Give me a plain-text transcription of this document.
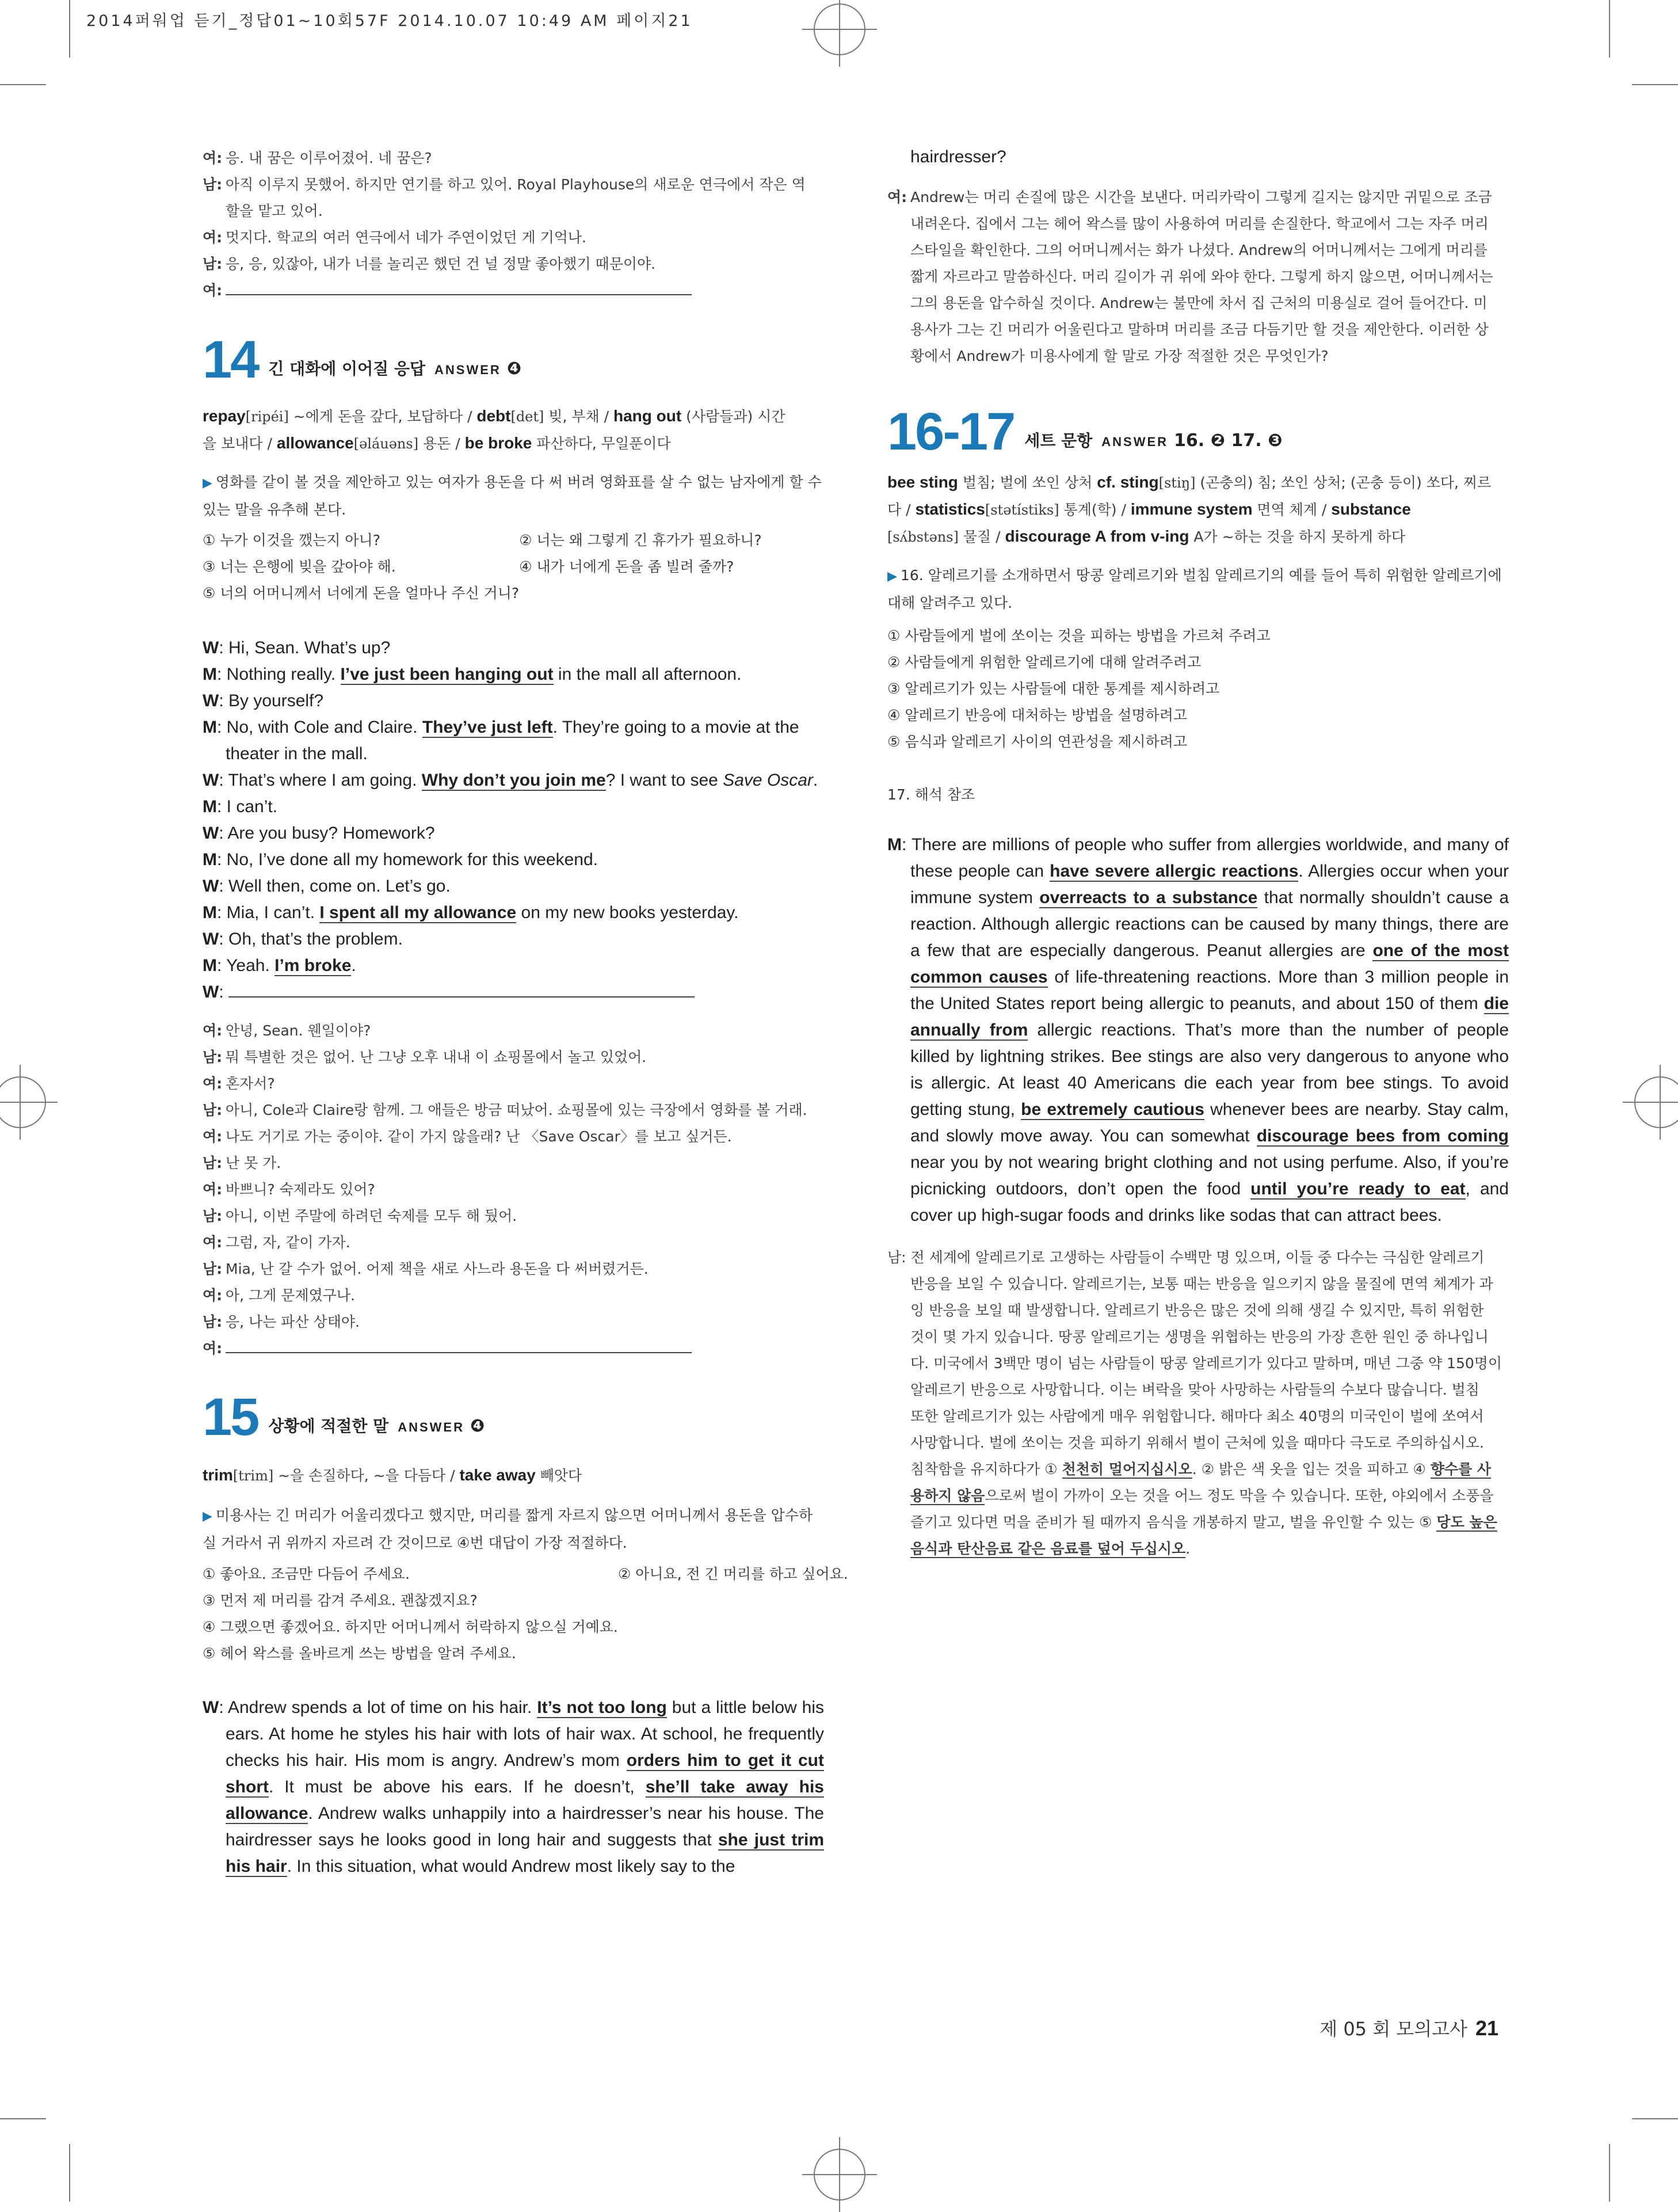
2014퍼워업 듣기_정답01~10회57F 2014.10.07 10:49 AM 페이지21
여: 응. 내 꿈은 이루어졌어. 네 꿈은?
남: 아직 이루지 못했어. 하지만 연기를 하고 있어. Royal Playhouse의 새로운 연극에서 작은 역
할을 맡고 있어.
여: 멋지다. 학교의 여러 연극에서 네가 주연이었던 게 기억나.
남: 응, 응, 있잖아, 내가 너를 놀리곤 했던 건 널 정말 좋아했기 때문이야.
여:
14 긴 대화에 이어질 응답 ANSWER ❹
repay[ripéi] ~에게 돈을 갚다, 보답하다 / debt[det] 빚, 부채 / hang out (사람들과) 시간
을 보내다 / allowance[əláuəns] 용돈 / be broke 파산하다, 무일푼이다
▶ 영화를 같이 볼 것을 제안하고 있는 여자가 용돈을 다 써 버려 영화표를 살 수 없는 남자에게 할 수
있는 말을 유추해 본다.
① 누가 이것을 깼는지 아니?	② 너는 왜 그렇게 긴 휴가가 필요하니?
③ 너는 은행에 빚을 갚아야 해.	④ 내가 너에게 돈을 좀 빌려 줄까?
⑤ 너의 어머니께서 너에게 돈을 얼마나 주신 거니?	
W: Hi, Sean. What’s up?
M: Nothing really. I’ve just been hanging out in the mall all afternoon.
W: By yourself?
M: No, with Cole and Claire. They’ve just left. They’re going to a movie at the
theater in the mall.
W: That’s where I am going. Why don’t you join me? I want to see Save Oscar.
M: I can’t.
W: Are you busy? Homework?
M: No, I’ve done all my homework for this weekend.
W: Well then, come on. Let’s go.
M: Mia, I can’t. I spent all my allowance on my new books yesterday.
W: Oh, that’s the problem.
M: Yeah. I’m broke.
W:
여: 안녕, Sean. 웬일이야?
남: 뭐 특별한 것은 없어. 난 그냥 오후 내내 이 쇼핑몰에서 놀고 있었어.
여: 혼자서?
남: 아니, Cole과 Claire랑 함께. 그 애들은 방금 떠났어. 쇼핑몰에 있는 극장에서 영화를 볼 거래.
여: 나도 거기로 가는 중이야. 같이 가지 않을래? 난 〈Save Oscar〉를 보고 싶거든.
남: 난 못 가.
여: 바쁘니? 숙제라도 있어?
남: 아니, 이번 주말에 하려던 숙제를 모두 해 뒀어.
여: 그럼, 자, 같이 가자.
남: Mia, 난 갈 수가 없어. 어제 책을 새로 사느라 용돈을 다 써버렸거든.
여: 아, 그게 문제였구나.
남: 응, 나는 파산 상태야.
여:
15 상황에 적절한 말 ANSWER ❹
trim[trim] ~을 손질하다, ~을 다듬다 / take away 빼앗다
▶ 미용사는 긴 머리가 어울리겠다고 했지만, 머리를 짧게 자르지 않으면 어머니께서 용돈을 압수하
실 거라서 귀 위까지 자르려 간 것이므로 ④번 대답이 가장 적절하다.
① 좋아요. 조금만 다듬어 주세요.	② 아니요, 전 긴 머리를 하고 싶어요.
③ 먼저 제 머리를 감겨 주세요. 괜찮겠지요?	
④ 그랬으면 좋겠어요. 하지만 어머니께서 허락하지 않으실 거예요.	
⑤ 헤어 왁스를 올바르게 쓰는 방법을 알려 주세요.	
W: Andrew spends a lot of time on his hair. It’s not too long but a little below his
ears. At home he styles his hair with lots of hair wax. At school, he frequently
checks his hair. His mom is angry. Andrew’s mom orders him to get it cut
short. It must be above his ears. If he doesn’t, she’ll take away his
allowance. Andrew walks unhappily into a hairdresser’s near his house. The
hairdresser says he looks good in long hair and suggests that she just trim
his hair. In this situation, what would Andrew most likely say to the
hairdresser?
여: Andrew는 머리 손질에 많은 시간을 보낸다. 머리카락이 그렇게 길지는 않지만 귀밑으로 조금
내려온다. 집에서 그는 헤어 왁스를 많이 사용하여 머리를 손질한다. 학교에서 그는 자주 머리
스타일을 확인한다. 그의 어머니께서는 화가 나셨다. Andrew의 어머니께서는 그에게 머리를
짧게 자르라고 말씀하신다. 머리 길이가 귀 위에 와야 한다. 그렇게 하지 않으면, 어머니께서는
그의 용돈을 압수하실 것이다. Andrew는 불만에 차서 집 근처의 미용실로 걸어 들어간다. 미
용사가 그는 긴 머리가 어울린다고 말하며 머리를 조금 다듬기만 할 것을 제안한다. 이러한 상
황에서 Andrew가 미용사에게 할 말로 가장 적절한 것은 무엇인가?
16-17 세트 문항 ANSWER 16. ❷ 17. ❸
bee sting 벌침; 벌에 쏘인 상처 cf. sting[stiŋ] (곤충의) 침; 쏘인 상처; (곤충 등이) 쏘다, 찌르
다 / statistics[stətístiks] 통계(학) / immune system 면역 체계 / substance
[sʌ́bstəns] 물질 / discourage A from v-ing A가 ~하는 것을 하지 못하게 하다
▶ 16. 알레르기를 소개하면서 땅콩 알레르기와 벌침 알레르기의 예를 들어 특히 위험한 알레르기에
대해 알려주고 있다.
① 사람들에게 벌에 쏘이는 것을 피하는 방법을 가르쳐 주려고
② 사람들에게 위험한 알레르기에 대해 알려주려고
③ 알레르기가 있는 사람들에 대한 통계를 제시하려고
④ 알레르기 반응에 대처하는 방법을 설명하려고
⑤ 음식과 알레르기 사이의 연관성을 제시하려고
17. 해석 참조
M: There are millions of people who suffer from allergies worldwide, and many of
these people can have severe allergic reactions. Allergies occur when your
immune system overreacts to a substance that normally shouldn’t cause a
reaction. Although allergic reactions can be caused by many things, there are
a few that are especially dangerous. Peanut allergies are one of the most
common causes of life-threatening reactions. More than 3 million people in
the United States report being allergic to peanuts, and about 150 of them die
annually from allergic reactions. That’s more than the number of people
killed by lightning strikes. Bee stings are also very dangerous to anyone who
is allergic. At least 40 Americans die each year from bee stings. To avoid
getting stung, be extremely cautious whenever bees are nearby. Stay calm,
and slowly move away. You can somewhat discourage bees from coming
near you by not wearing bright clothing and not using perfume. Also, if you’re
picnicking outdoors, don’t open the food until you’re ready to eat, and
cover up high-sugar foods and drinks like sodas that can attract bees.
남: 전 세계에 알레르기로 고생하는 사람들이 수백만 명 있으며, 이들 중 다수는 극심한 알레르기
반응을 보일 수 있습니다. 알레르기는, 보통 때는 반응을 일으키지 않을 물질에 면역 체계가 과
잉 반응을 보일 때 발생합니다. 알레르기 반응은 많은 것에 의해 생길 수 있지만, 특히 위험한
것이 몇 가지 있습니다. 땅콩 알레르기는 생명을 위협하는 반응의 가장 흔한 원인 중 하나입니
다. 미국에서 3백만 명이 넘는 사람들이 땅콩 알레르기가 있다고 말하며, 매년 그중 약 150명이
알레르기 반응으로 사망합니다. 이는 벼락을 맞아 사망하는 사람들의 수보다 많습니다. 벌침
또한 알레르기가 있는 사람에게 매우 위험합니다. 해마다 최소 40명의 미국인이 벌에 쏘여서
사망합니다. 벌에 쏘이는 것을 피하기 위해서 벌이 근처에 있을 때마다 극도로 주의하십시오.
침착함을 유지하다가 ① 천천히 멀어지십시오. ② 밝은 색 옷을 입는 것을 피하고 ④ 향수를 사
용하지 않음으로써 벌이 가까이 오는 것을 어느 정도 막을 수 있습니다. 또한, 야외에서 소풍을
즐기고 있다면 먹을 준비가 될 때까지 음식을 개봉하지 말고, 벌을 유인할 수 있는 ⑤ 당도 높은
음식과 탄산음료 같은 음료를 덮어 두십시오.
제 05 회 모의고사 21
